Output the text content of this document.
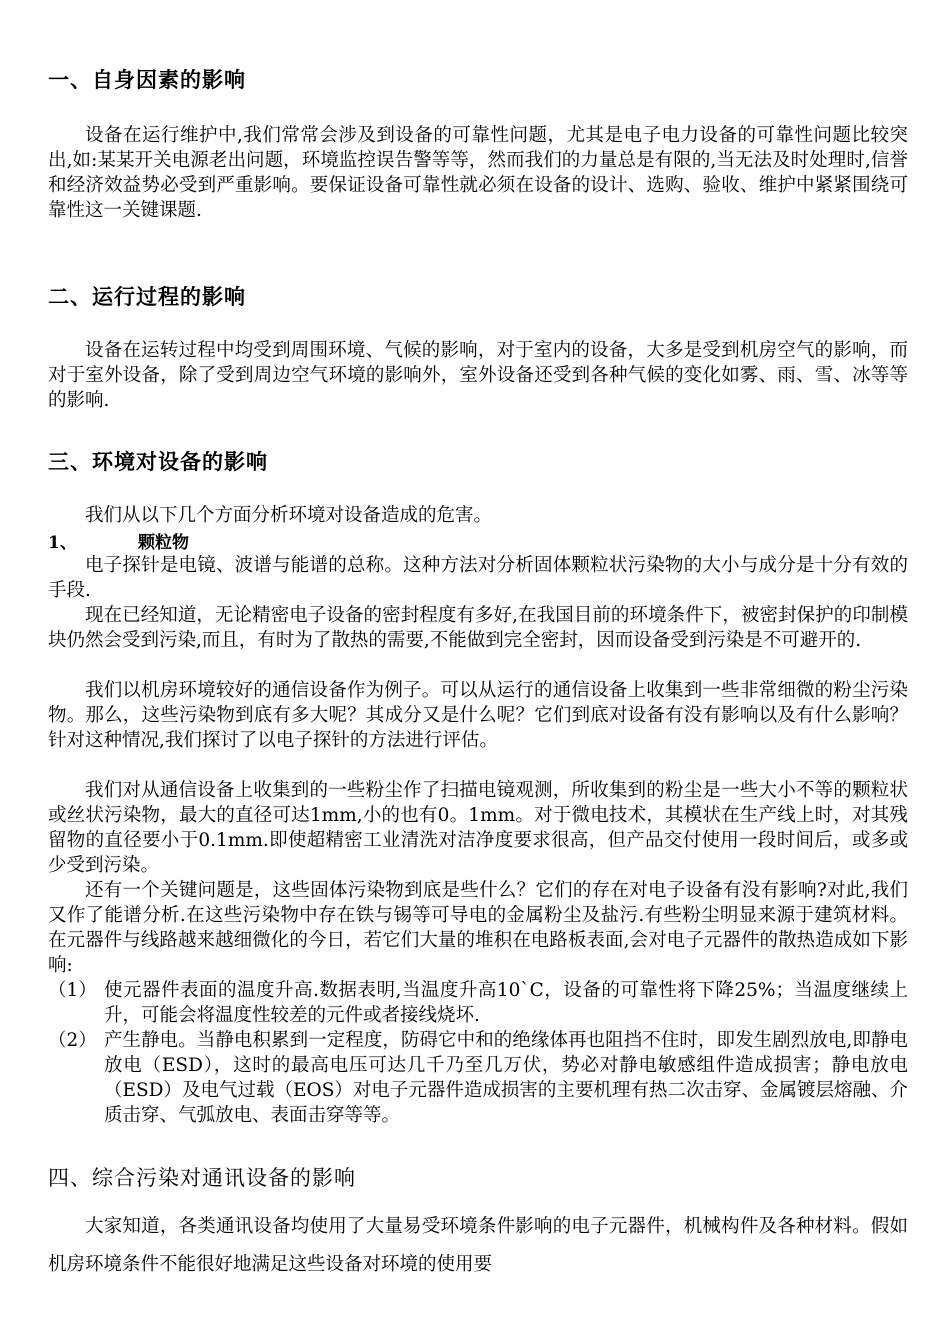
一、自身因素的影响

设备在运行维护中,我们常常会涉及到设备的可靠性问题，尤其是电子电力设备的可靠性问题比较突出,如:某某开关电源老出问题，环境监控误告警等等，然而我们的力量总是有限的,当无法及时处理时,信誉和经济效益势必受到严重影响。要保证设备可靠性就必须在设备的设计、选购、验收、维护中紧紧围绕可靠性这一关键课题.

二、运行过程的影响

设备在运转过程中均受到周围环境、气候的影响，对于室内的设备，大多是受到机房空气的影响，而对于室外设备，除了受到周边空气环境的影响外，室外设备还受到各种气候的变化如雾、雨、雪、冰等等的影响.

三、环境对设备的影响

我们从以下几个方面分析环境对设备造成的危害。

1、	颗粒物

电子探针是电镜、波谱与能谱的总称。这种方法对分析固体颗粒状污染物的大小与成分是十分有效的手段.

现在已经知道，无论精密电子设备的密封程度有多好,在我国目前的环境条件下，被密封保护的印制模块仍然会受到污染,而且，有时为了散热的需要,不能做到完全密封，因而设备受到污染是不可避开的.

我们以机房环境较好的通信设备作为例子。可以从运行的通信设备上收集到一些非常细微的粉尘污染物。那么，这些污染物到底有多大呢？其成分又是什么呢？它们到底对设备有没有影响以及有什么影响？针对这种情况,我们探讨了以电子探针的方法进行评估。

我们对从通信设备上收集到的一些粉尘作了扫描电镜观测，所收集到的粉尘是一些大小不等的颗粒状或丝状污染物，最大的直径可达1mm,小的也有0。1mm。对于微电技术，其模状在生产线上时，对其残留物的直径要小于0.1mm.即使超精密工业清洗对洁净度要求很高，但产品交付使用一段时间后，或多或少受到污染。

还有一个关键问题是，这些固体污染物到底是些什么？它们的存在对电子设备有没有影响?对此,我们又作了能谱分析.在这些污染物中存在铁与锡等可导电的金属粉尘及盐污.有些粉尘明显来源于建筑材料。在元器件与线路越来越细微化的今日，若它们大量的堆积在电路板表面,会对电子元器件的散热造成如下影响:

（1） 使元器件表面的温度升高.数据表明,当温度升高10`C，设备的可靠性将下降25%；当温度继续上升，可能会将温度性较差的元件或者接线烧坏.
（2） 产生静电。当静电积累到一定程度，防碍它中和的绝缘体再也阻挡不住时，即发生剧烈放电,即静电放电（ESD），这时的最高电压可达几千乃至几万伏，势必对静电敏感组件造成损害；静电放电（ESD）及电气过载（EOS）对电子元器件造成损害的主要机理有热二次击穿、金属镀层熔融、介质击穿、气弧放电、表面击穿等等。
四、综合污染对通讯设备的影响

大家知道，各类通讯设备均使用了大量易受环境条件影响的电子元器件，机械构件及各种材料。假如机房环境条件不能很好地满足这些设备对环境的使用要
